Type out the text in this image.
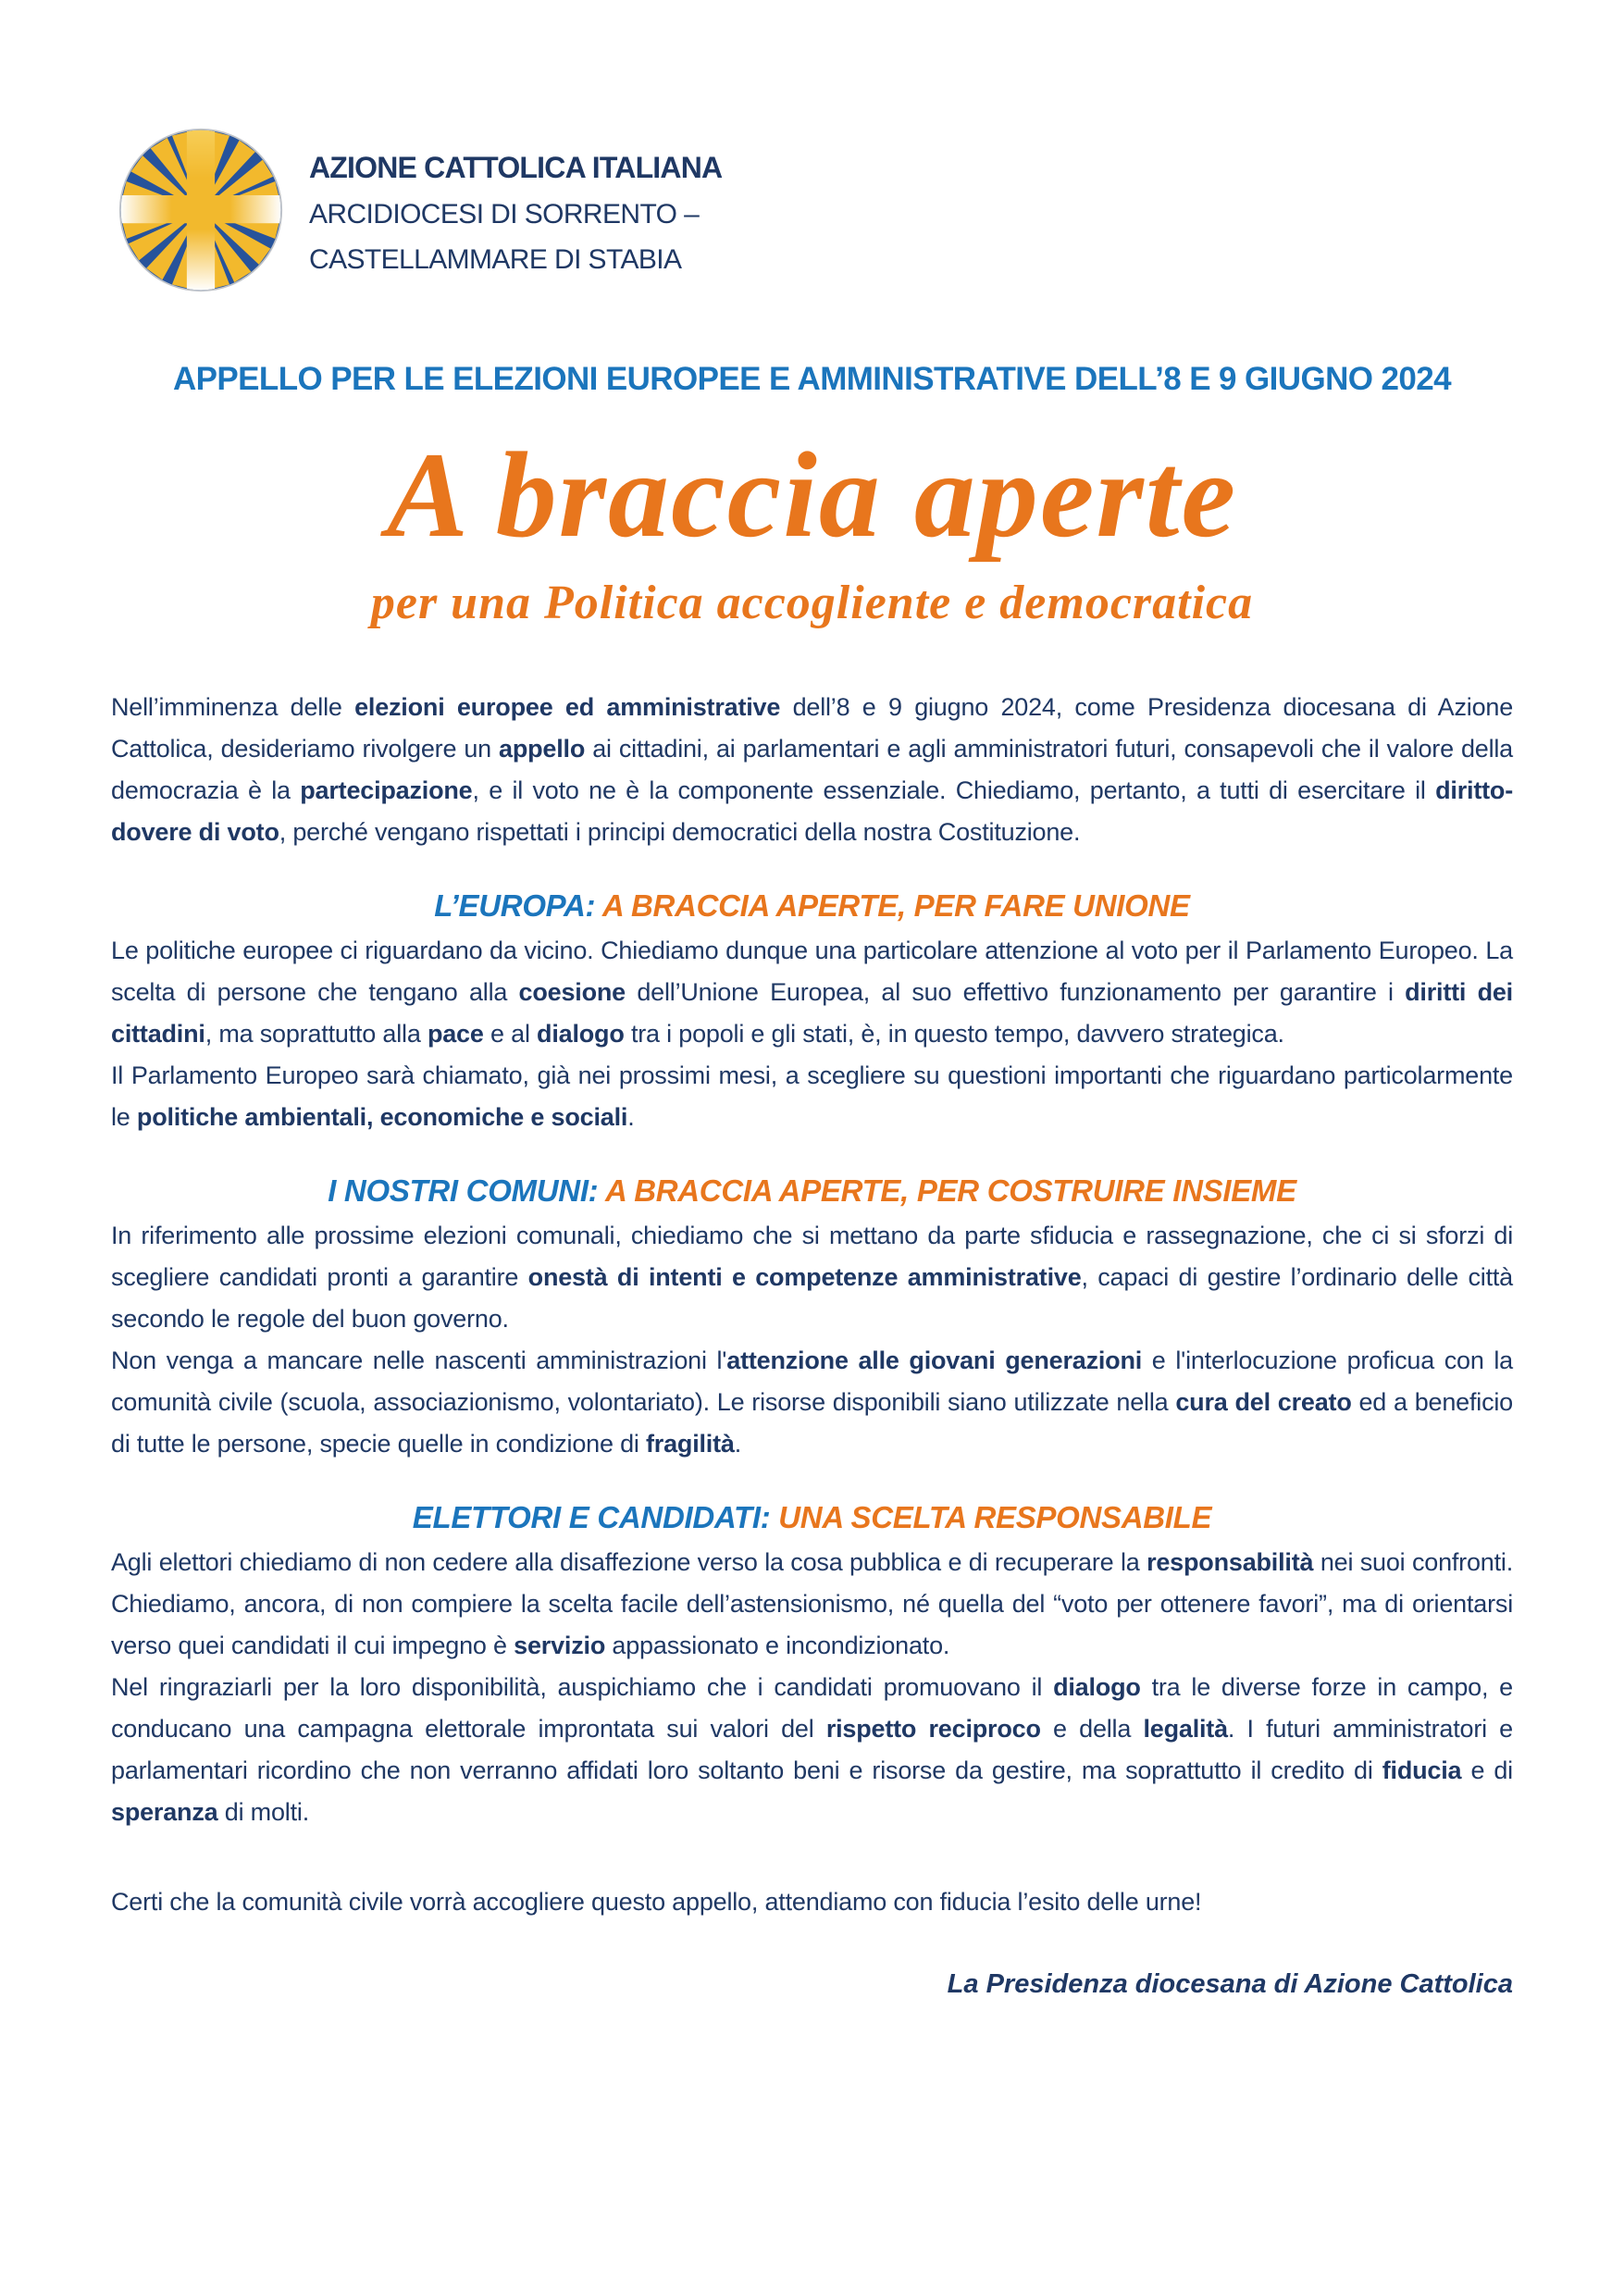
AZIONE CATTOLICA ITALIANA
ARCIDIOCESI DI SORRENTO –
CASTELLAMMARE DI STABIA
APPELLO PER LE ELEZIONI EUROPEE E AMMINISTRATIVE DELL’8 E 9 GIUGNO 2024
A braccia aperte
per una Politica accogliente e democratica

Nell’imminenza delle elezioni europee ed amministrative dell’8 e 9 giugno 2024, come Presidenza diocesana di Azione Cattolica, desideriamo rivolgere un appello ai cittadini, ai parlamentari e agli amministratori futuri, consapevoli che il valore della democrazia è la partecipazione, e il voto ne è la componente essenziale. Chiediamo, pertanto, a tutti di esercitare il diritto-dovere di voto, perché vengano rispettati i principi democratici della nostra Costituzione.

L’EUROPA: A BRACCIA APERTE, PER FARE UNIONE

Le politiche europee ci riguardano da vicino. Chiediamo dunque una particolare attenzione al voto per il Parlamento Europeo. La scelta di persone che tengano alla coesione dell’Unione Europea, al suo effettivo funzionamento per garantire i diritti dei cittadini, ma soprattutto alla pace e al dialogo tra i popoli e gli stati, è, in questo tempo, davvero strategica.

Il Parlamento Europeo sarà chiamato, già nei prossimi mesi, a scegliere su questioni importanti che riguardano particolarmente le politiche ambientali, economiche e sociali.

I NOSTRI COMUNI: A BRACCIA APERTE, PER COSTRUIRE INSIEME

In riferimento alle prossime elezioni comunali, chiediamo che si mettano da parte sfiducia e rassegnazione, che ci si sforzi di scegliere candidati pronti a garantire onestà di intenti e competenze amministrative, capaci di gestire l’ordinario delle città secondo le regole del buon governo.

Non venga a mancare nelle nascenti amministrazioni l'attenzione alle giovani generazioni e l'interlocuzione proficua con la comunità civile (scuola, associazionismo, volontariato). Le risorse disponibili siano utilizzate nella cura del creato ed a beneficio di tutte le persone, specie quelle in condizione di fragilità.

ELETTORI E CANDIDATI: UNA SCELTA RESPONSABILE

Agli elettori chiediamo di non cedere alla disaffezione verso la cosa pubblica e di recuperare la responsabilità nei suoi confronti. Chiediamo, ancora, di non compiere la scelta facile dell’astensionismo, né quella del “voto per ottenere favori”, ma di orientarsi verso quei candidati il cui impegno è servizio appassionato e incondizionato.

Nel ringraziarli per la loro disponibilità, auspichiamo che i candidati promuovano il dialogo tra le diverse forze in campo, e conducano una campagna elettorale improntata sui valori del rispetto reciproco e della legalità. I futuri amministratori e parlamentari ricordino che non verranno affidati loro soltanto beni e risorse da gestire, ma soprattutto il credito di fiducia e di speranza di molti.

Certi che la comunità civile vorrà accogliere questo appello, attendiamo con fiducia l’esito delle urne!

La Presidenza diocesana di Azione Cattolica
